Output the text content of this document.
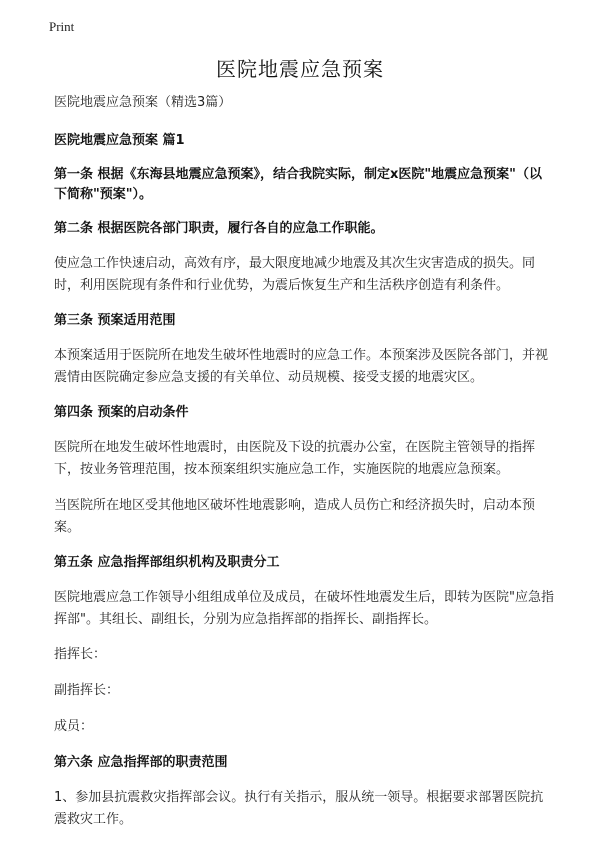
Print
医院地震应急预案

医院地震应急预案（精选3篇）

医院地震应急预案 篇1

第一条 根据《东海县地震应急预案》，结合我院实际，制定x医院"地震应急预案"（以下简称"预案"）。

第二条 根据医院各部门职责，履行各自的应急工作职能。

使应急工作快速启动，高效有序，最大限度地减少地震及其次生灾害造成的损失。同时，利用医院现有条件和行业优势，为震后恢复生产和生活秩序创造有利条件。

第三条 预案适用范围

本预案适用于医院所在地发生破坏性地震时的应急工作。本预案涉及医院各部门，并视震情由医院确定参应急支援的有关单位、动员规模、接受支援的地震灾区。

第四条 预案的启动条件

医院所在地发生破坏性地震时，由医院及下设的抗震办公室，在医院主管领导的指挥下，按业务管理范围，按本预案组织实施应急工作，实施医院的地震应急预案。

当医院所在地区受其他地区破坏性地震影响，造成人员伤亡和经济损失时，启动本预案。

第五条 应急指挥部组织机构及职责分工

医院地震应急工作领导小组组成单位及成员，在破坏性地震发生后，即转为医院"应急指挥部"。其组长、副组长，分别为应急指挥部的指挥长、副指挥长。

指挥长：

副指挥长：

成员：

第六条 应急指挥部的职责范围

1、参加县抗震救灾指挥部会议。执行有关指示，服从统一领导。根据要求部署医院抗震救灾工作。
